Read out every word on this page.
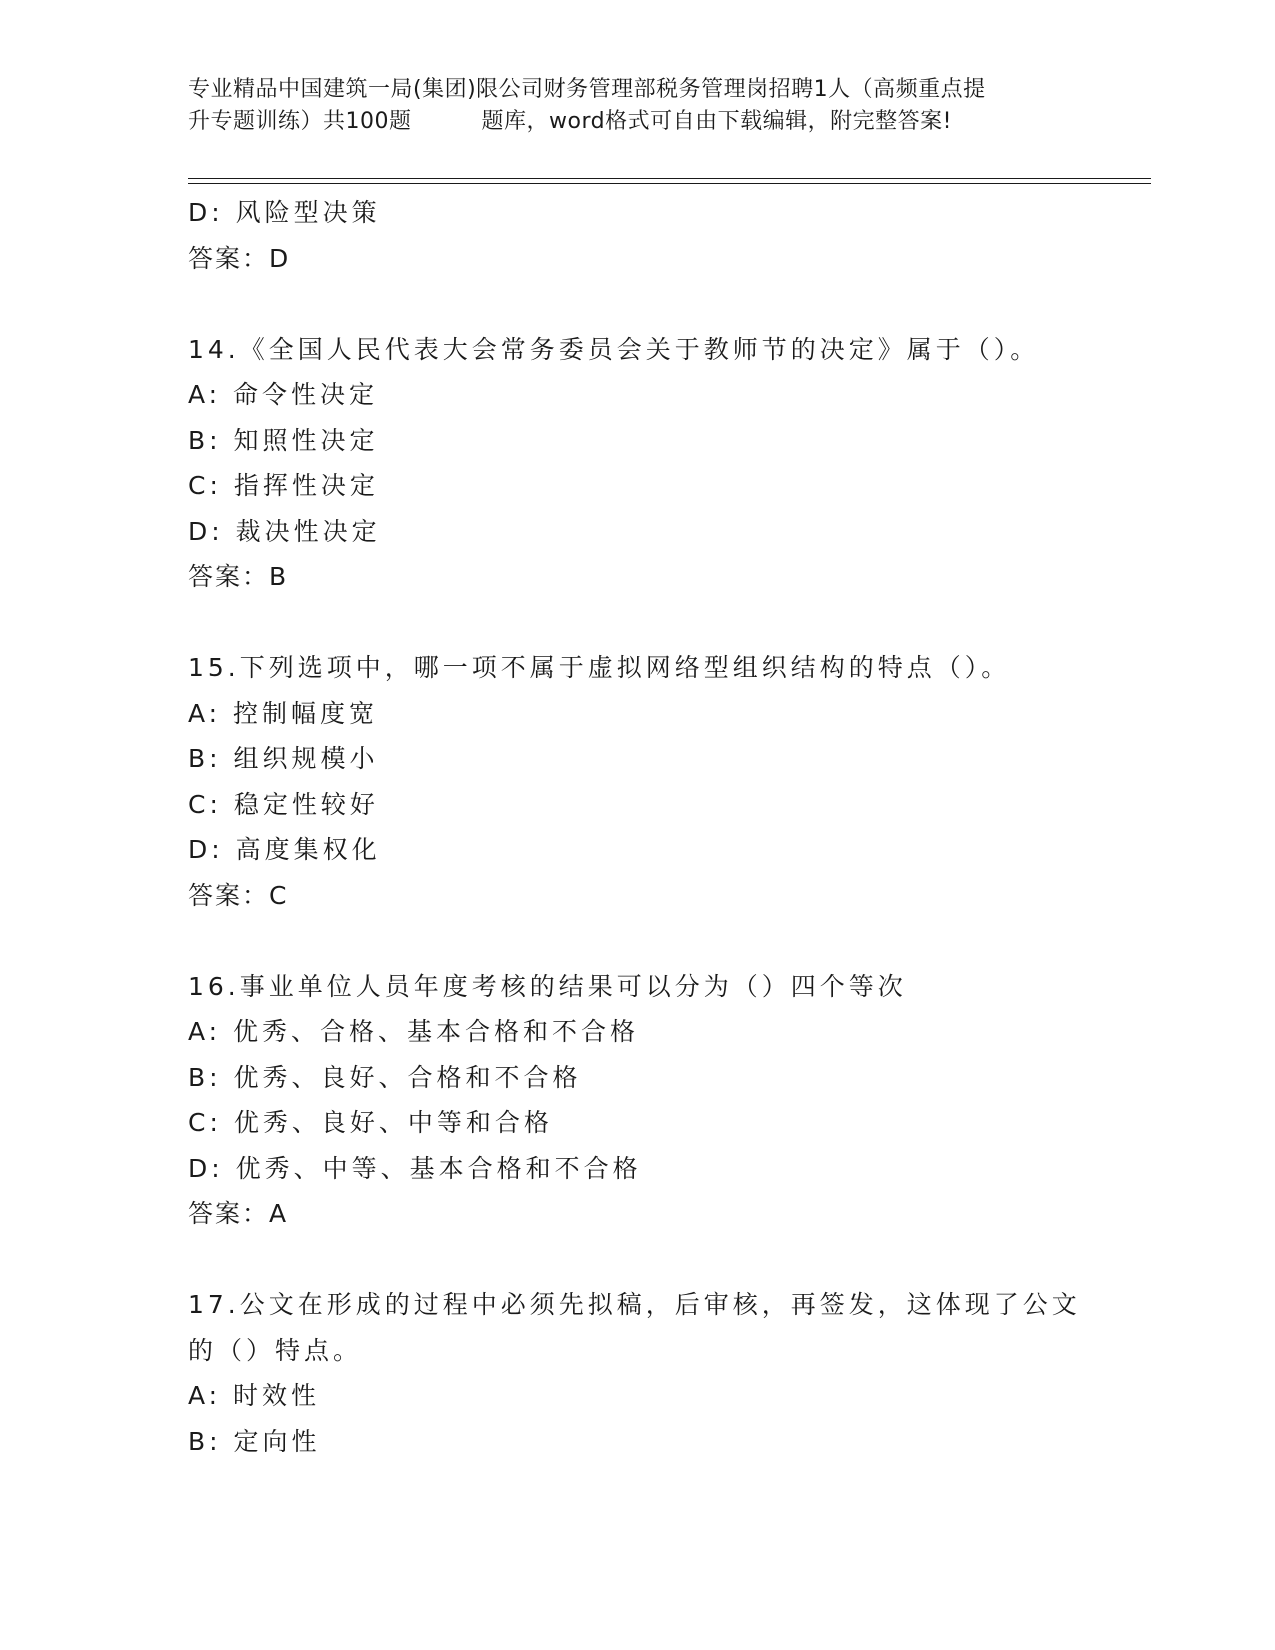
专业精品中国建筑一局(集团)限公司财务管理部税务管理岗招聘1人（高频重点提
升专题训练）共100题	题库，word格式可自由下载编辑，附完整答案!
D: 风险型决策
答案：D
14.《全国人民代表大会常务委员会关于教师节的决定》属于（）。
A: 命令性决定
B: 知照性决定
C: 指挥性决定
D: 裁决性决定
答案：B
15.下列选项中，哪一项不属于虚拟网络型组织结构的特点（）。
A: 控制幅度宽
B: 组织规模小
C: 稳定性较好
D: 高度集权化
答案：C
16.事业单位人员年度考核的结果可以分为（）四个等次
A: 优秀、合格、基本合格和不合格
B: 优秀、良好、合格和不合格
C: 优秀、良好、中等和合格
D: 优秀、中等、基本合格和不合格
答案：A
17.公文在形成的过程中必须先拟稿，后审核，再签发，这体现了公文
的（）特点。
A: 时效性
B: 定向性
